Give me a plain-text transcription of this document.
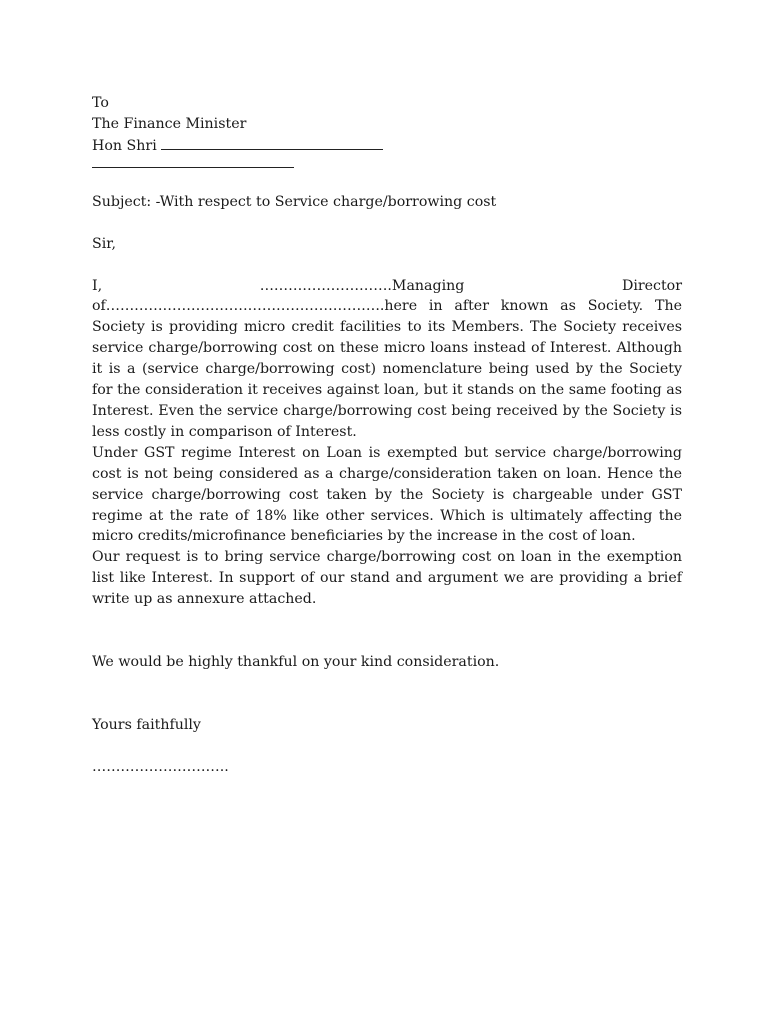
To
The Finance Minister
Hon Shri
Subject: -With respect to Service charge/borrowing cost
Sir,

I, ……………………….Managing Director of…………………………………………………..here in after known as Society. The Society is providing micro credit facilities to its Members. The Society receives service charge/borrowing cost on these micro loans instead of Interest. Although it is a (service charge/borrowing cost) nomenclature being used by the Society for the consideration it receives against loan, but it stands on the same footing as Interest. Even the service charge/borrowing cost being received by the Society is less costly in comparison of Interest.

Under GST regime Interest on Loan is exempted but service charge/borrowing cost is not being considered as a charge/consideration taken on loan. Hence the service charge/borrowing cost taken by the Society is chargeable under GST regime at the rate of 18% like other services. Which is ultimately affecting the micro credits/microfinance beneficiaries by the increase in the cost of loan.

Our request is to bring service charge/borrowing cost on loan in the exemption list like Interest. In support of our stand and argument we are providing a brief write up as annexure attached.

We would be highly thankful on your kind consideration.
Yours faithfully
………………………..
